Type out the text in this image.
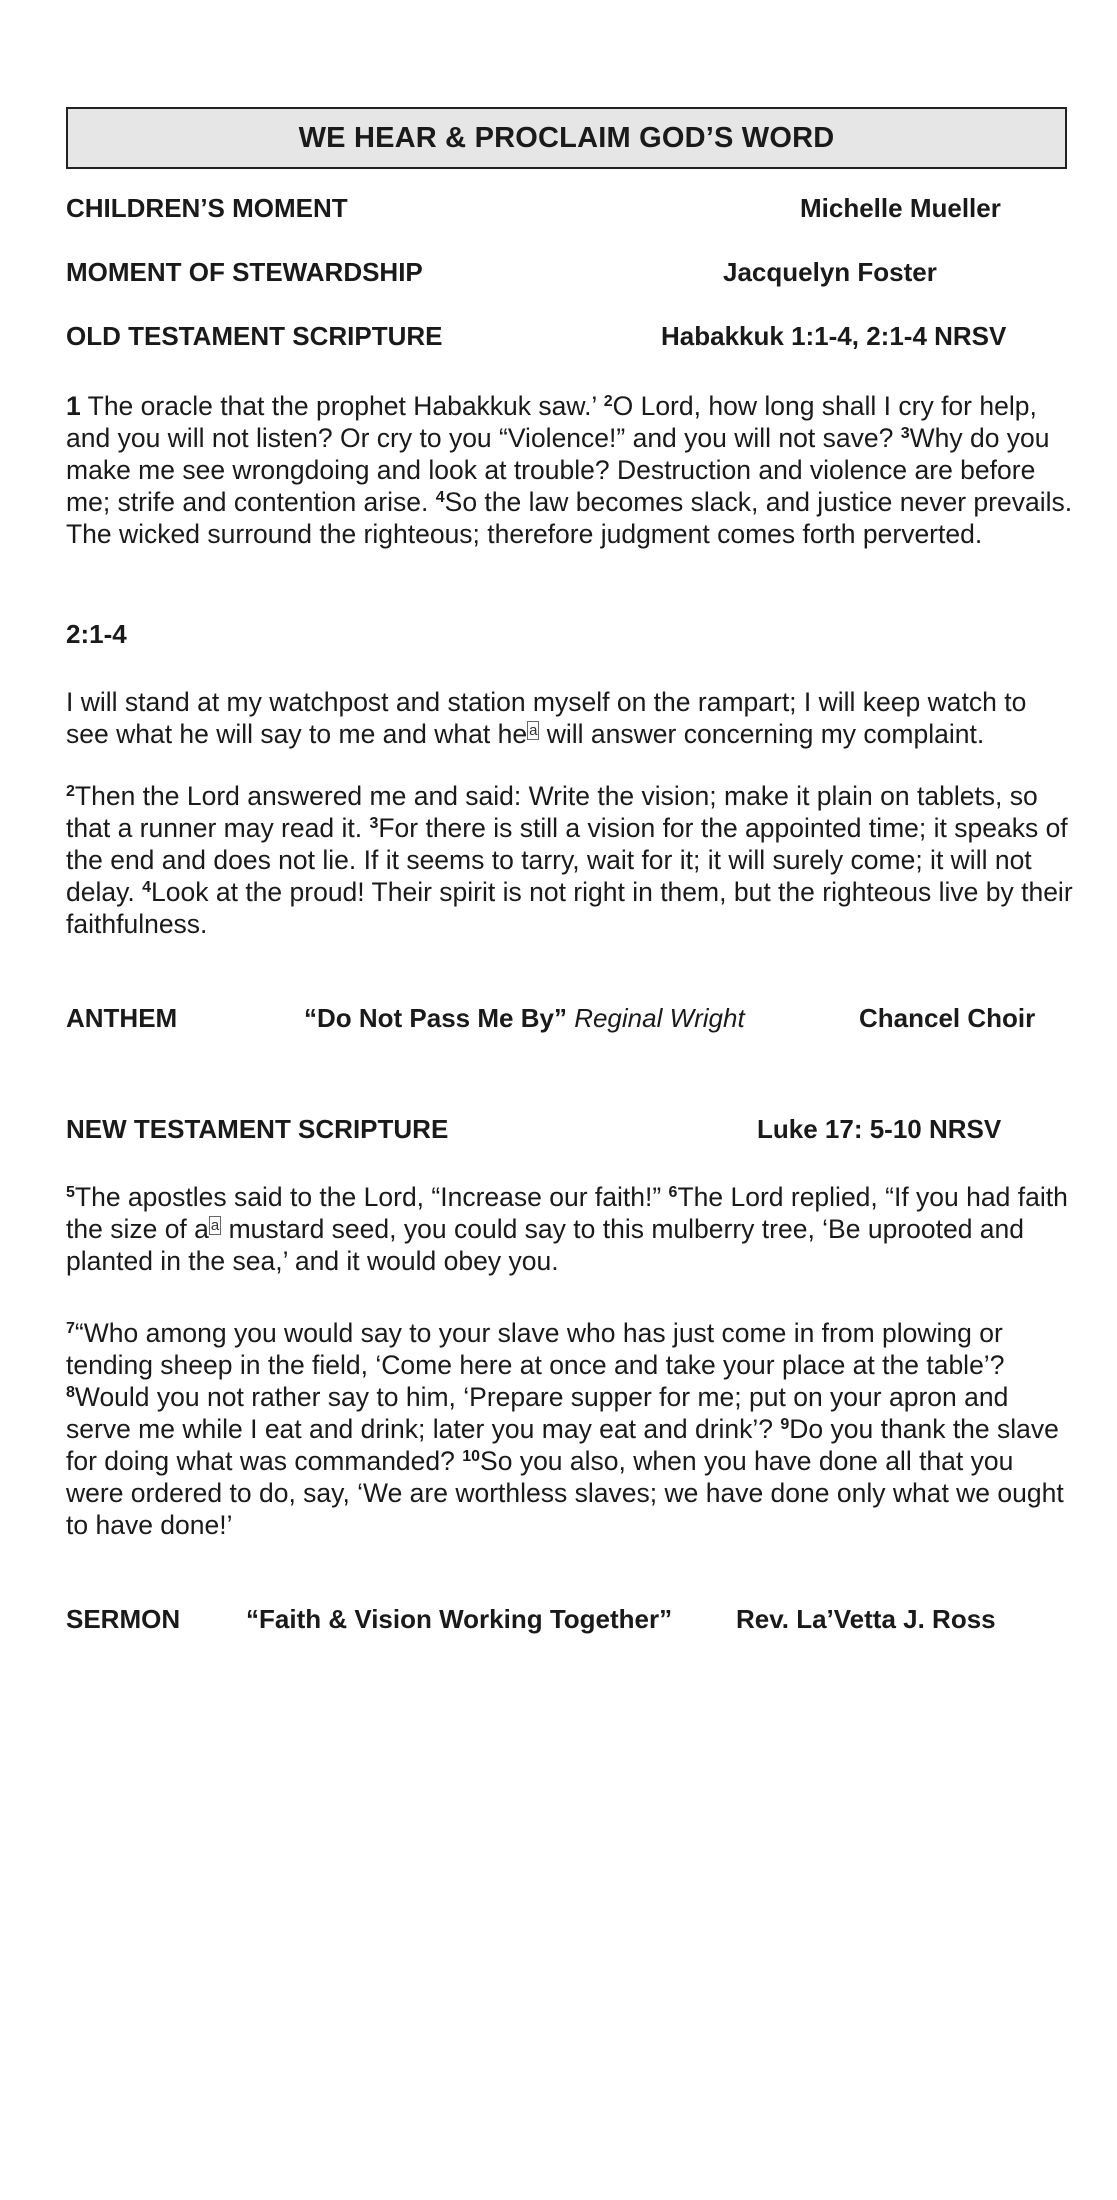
WE HEAR & PROCLAIM GOD’S WORD
CHILDREN’S MOMENT	Michelle Mueller
MOMENT OF STEWARDSHIP	Jacquelyn Foster
OLD TESTAMENT SCRIPTURE	Habakkuk 1:1-4, 2:1-4 NRSV

1 The oracle that the prophet Habakkuk saw.’ $^2$O Lord, how long shall I cry for help, and you will not listen? Or cry to you “Violence!” and you will not save? $^3$Why do you make me see wrongdoing and look at trouble? Destruction and violence are before me; strife and contention arise. $^4$So the law becomes slack, and justice never prevails. The wicked surround the righteous; therefore judgment comes forth perverted.

2:1-4

I will stand at my watchpost and station myself on the rampart; I will keep watch to see what he will say to me and what he $^a$ will answer concerning my complaint.

$^2$Then the Lord answered me and said: Write the vision; make it plain on tablets, so that a runner may read it. $^3$For there is still a vision for the appointed time; it speaks of the end and does not lie. If it seems to tarry, wait for it; it will surely come; it will not delay. $^4$Look at the proud! Their spirit is not right in them, but the righteous live by their faithfulness.

ANTHEM	“Do Not Pass Me By” Reginal Wright	Chancel Choir
NEW TESTAMENT SCRIPTURE	Luke 17: 5-10 NRSV

$^5$The apostles said to the Lord, “Increase our faith!” $^6$The Lord replied, “If you had faith the size of a $^a$ mustard seed, you could say to this mulberry tree, ‘Be uprooted and planted in the sea,’ and it would obey you.

$^7$“Who among you would say to your slave who has just come in from plowing or tending sheep in the field, ‘Come here at once and take your place at the table’? $^8$Would you not rather say to him, ‘Prepare supper for me; put on your apron and serve me while I eat and drink; later you may eat and drink’? $^9$Do you thank the slave for doing what was commanded? $^{10}$So you also, when you have done all that you were ordered to do, say, ‘We are worthless slaves; we have done only what we ought to have done!’

SERMON	“Faith & Vision Working Together” Rev. La’Vetta J. Ross
